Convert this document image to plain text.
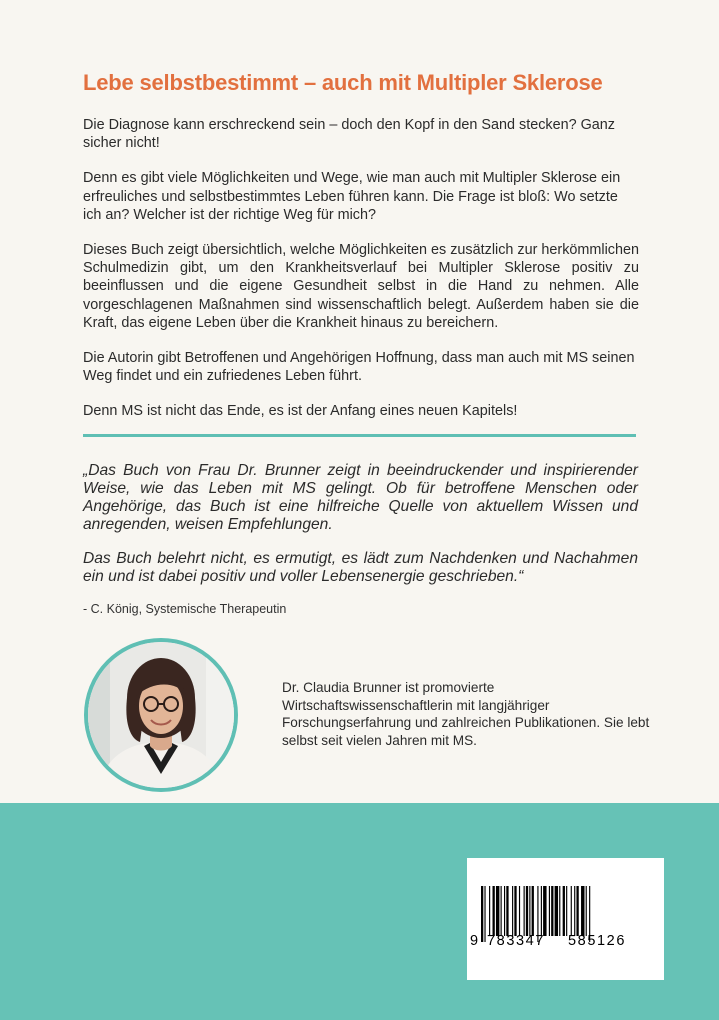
Lebe selbstbestimmt – auch mit Multipler Sklerose

Die Diagnose kann erschreckend sein – doch den Kopf in den Sand stecken? Ganz sicher nicht!

Denn es gibt viele Möglichkeiten und Wege, wie man auch mit Multipler Sklerose ein erfreuliches und selbstbestimmtes Leben führen kann. Die Frage ist bloß: Wo setzte ich an? Welcher ist der richtige Weg für mich?

Dieses Buch zeigt übersichtlich, welche Möglichkeiten es zusätzlich zur herkömmlichen Schulmedizin gibt, um den Krankheitsverlauf bei Multipler Sklerose positiv zu beeinflussen und die eigene Gesundheit selbst in die Hand zu nehmen. Alle vorgeschlagenen Maßnahmen sind wissenschaftlich belegt. Außerdem haben sie die Kraft, das eigene Leben über die Krankheit hinaus zu bereichern.

Die Autorin gibt Betroffenen und Angehörigen Hoffnung, dass man auch mit MS seinen Weg findet und ein zufriedenes Leben führt.

Denn MS ist nicht das Ende, es ist der Anfang eines neuen Kapitels!

„Das Buch von Frau Dr. Brunner zeigt in beeindruckender und inspirierender Weise, wie das Leben mit MS gelingt. Ob für betroffene Menschen oder Angehörige, das Buch ist eine hilfreiche Quelle von aktuellem Wissen und anregenden, weisen Empfehlungen.

Das Buch belehrt nicht, es ermutigt, es lädt zum Nachdenken und Nachahmen ein und ist dabei positiv und voller Lebensenergie geschrieben.“

- C. König, Systemische Therapeutin
Dr. Claudia Brunner ist promovierte Wirtschaftswissenschaftlerin mit langjähriger Forschungserfahrung und zahlreichen Publikationen. Sie lebt selbst seit vielen Jahren mit MS.
9 783347 585126
